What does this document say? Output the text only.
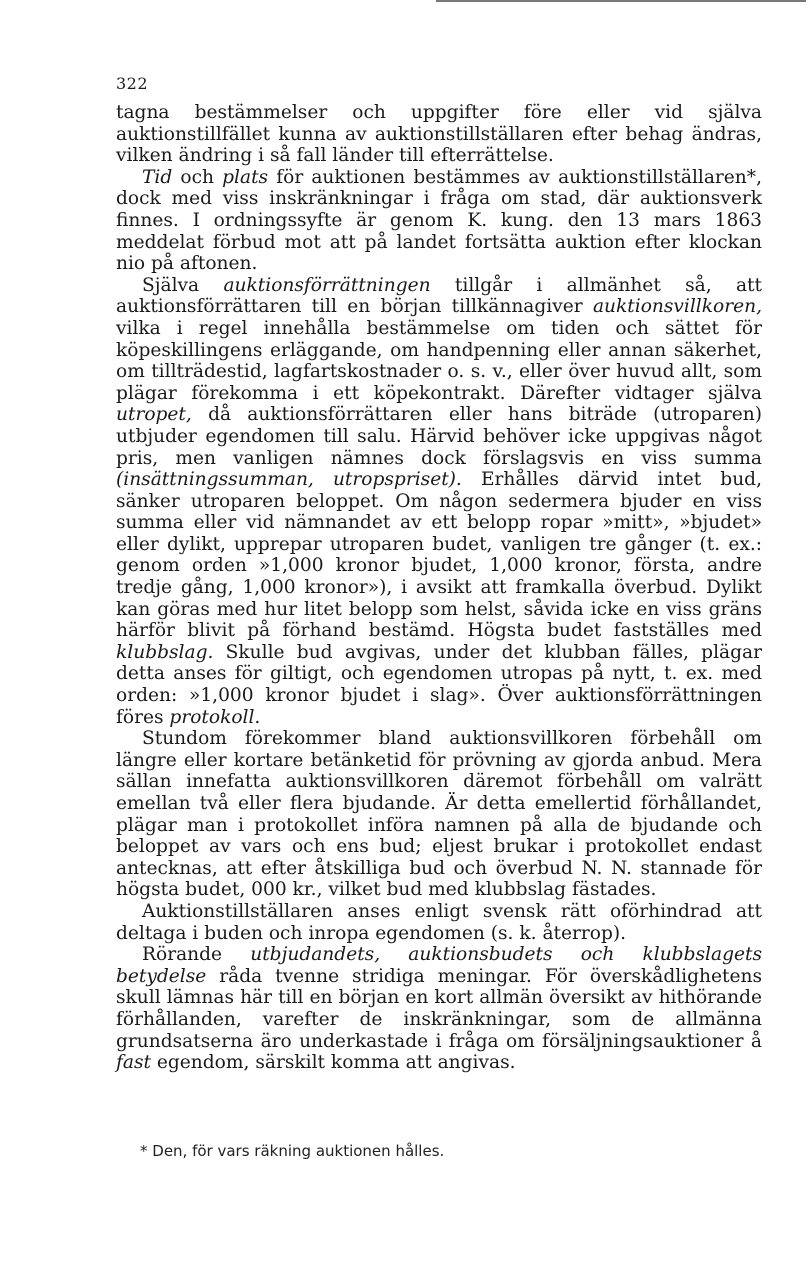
322

tagna bestämmelser och uppgifter före eller vid själva auktionstillfället kunna av auktionstillställaren efter behag ändras, vilken ändring i så fall länder till efterrättelse.

Tid och plats för auktionen bestämmes av auktionstillställaren*, dock med viss inskränkningar i fråga om stad, där auktionsverk finnes. I ordningssyfte är genom K. kung. den 13 mars 1863 meddelat förbud mot att på landet fortsätta auktion efter klockan nio på aftonen.

Själva auktionsförrättningen tillgår i allmänhet så, att auktionsförrättaren till en början tillkännagiver auktionsvillkoren, vilka i regel innehålla bestämmelse om tiden och sättet för köpeskillingens erläggande, om handpenning eller annan säkerhet, om tillträdestid, lagfartskostnader o. s. v., eller över huvud allt, som plägar förekomma i ett köpekontrakt. Därefter vidtager själva utropet, då auktionsförrättaren eller hans biträde (utroparen) utbjuder egendomen till salu. Härvid behöver icke uppgivas något pris, men vanligen nämnes dock förslagsvis en viss summa (insättningssumman, utropspriset). Erhålles därvid intet bud, sänker utroparen beloppet. Om någon sedermera bjuder en viss summa eller vid nämnandet av ett belopp ropar »mitt», »bjudet» eller dylikt, upprepar utroparen budet, vanligen tre gånger (t. ex.: genom orden »1,000 kronor bjudet, 1,000 kronor, första, andre tredje gång, 1,000 kronor»), i avsikt att framkalla överbud. Dylikt kan göras med hur litet belopp som helst, såvida icke en viss gräns härför blivit på förhand bestämd. Högsta budet fastställes med klubbslag. Skulle bud avgivas, under det klubban fälles, plägar detta anses för giltigt, och egendomen utropas på nytt, t. ex. med orden: »1,000 kronor bjudet i slag». Över auktionsförrättningen föres protokoll.

Stundom förekommer bland auktionsvillkoren förbehåll om längre eller kortare betänketid för prövning av gjorda anbud. Mera sällan innefatta auktionsvillkoren däremot förbehåll om valrätt emellan två eller flera bjudande. Är detta emellertid förhållandet, plägar man i protokollet införa namnen på alla de bjudande och beloppet av vars och ens bud; eljest brukar i protokollet endast antecknas, att efter åtskilliga bud och överbud N. N. stannade för högsta budet, 000 kr., vilket bud med klubbslag fästades.

Auktionstillställaren anses enligt svensk rätt oförhindrad att deltaga i buden och inropa egendomen (s. k. återrop).

Rörande utbjudandets, auktionsbudets och klubbslagets betydelse råda tvenne stridiga meningar. För överskådlighetens skull lämnas här till en början en kort allmän översikt av hithörande förhållanden, varefter de inskränkningar, som de allmänna grundsatserna äro underkastade i fråga om försäljningsauktioner å fast egendom, särskilt komma att angivas.

* Den, för vars räkning auktionen hålles.
